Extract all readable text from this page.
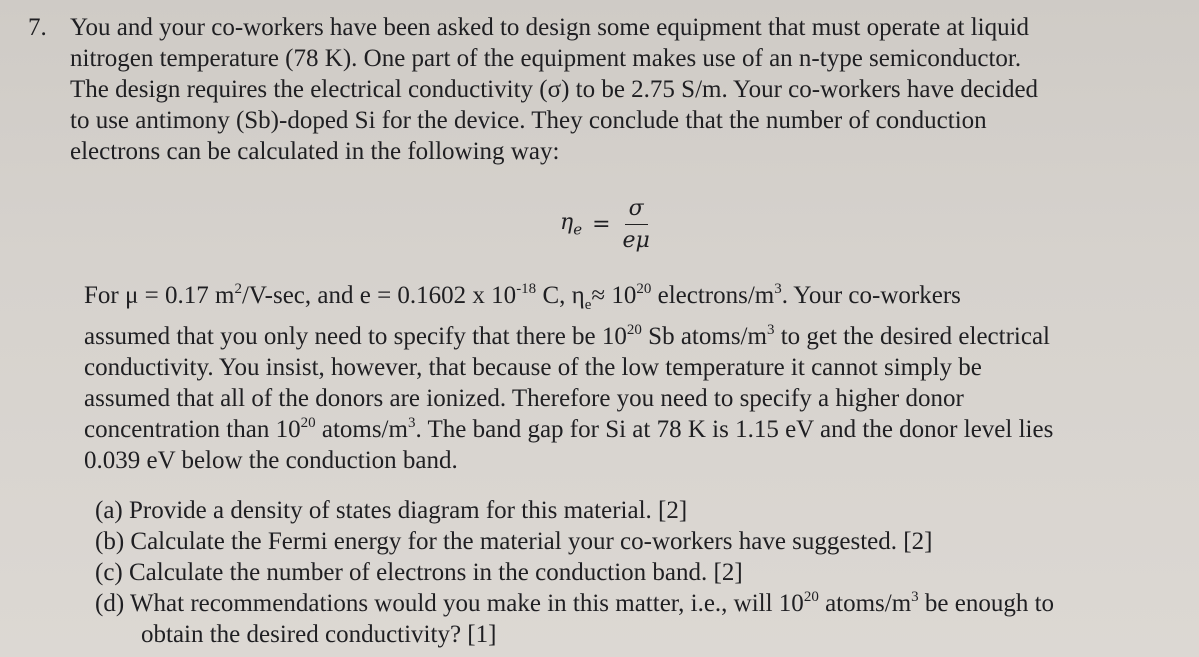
7. You and your co-workers have been asked to design some equipment that must operate at liquid
nitrogen temperature (78 K). One part of the equipment makes use of an n-type semiconductor.
The design requires the electrical conductivity (σ) to be 2.75 S/m. Your co-workers have decided
to use antimony (Sb)-doped Si for the device. They conclude that the number of conduction
electrons can be calculated in the following way:
$\eta_e = \frac{\sigma}{e\mu}$
For μ = 0.17 $m^2/V-\sec$, and e = 0.1602 x $10^{-18}$ C, $\eta_e\approx 10^{20}$ electrons/$m^3$. Your co-workers
assumed that you only need to specify that there be $10^{20}$ Sb atoms/$m^3$ to get the desired electrical
conductivity. You insist, however, that because of the low temperature it cannot simply be
assumed that all of the donors are ionized. Therefore you need to specify a higher donor
concentration than $10^{20}$ atoms/$m^3$. The band gap for Si at 78 K is 1.15 eV and the donor level lies
0.039 eV below the conduction band.
(a) Provide a density of states diagram for this material. [2]
(b) Calculate the Fermi energy for the material your co-workers have suggested. [2]
(c) Calculate the number of electrons in the conduction band. [2]
(d) What recommendations would you make in this matter, i.e., will $10^{20}$ atoms/$m^3$ be enough to
obtain the desired conductivity? [1]
